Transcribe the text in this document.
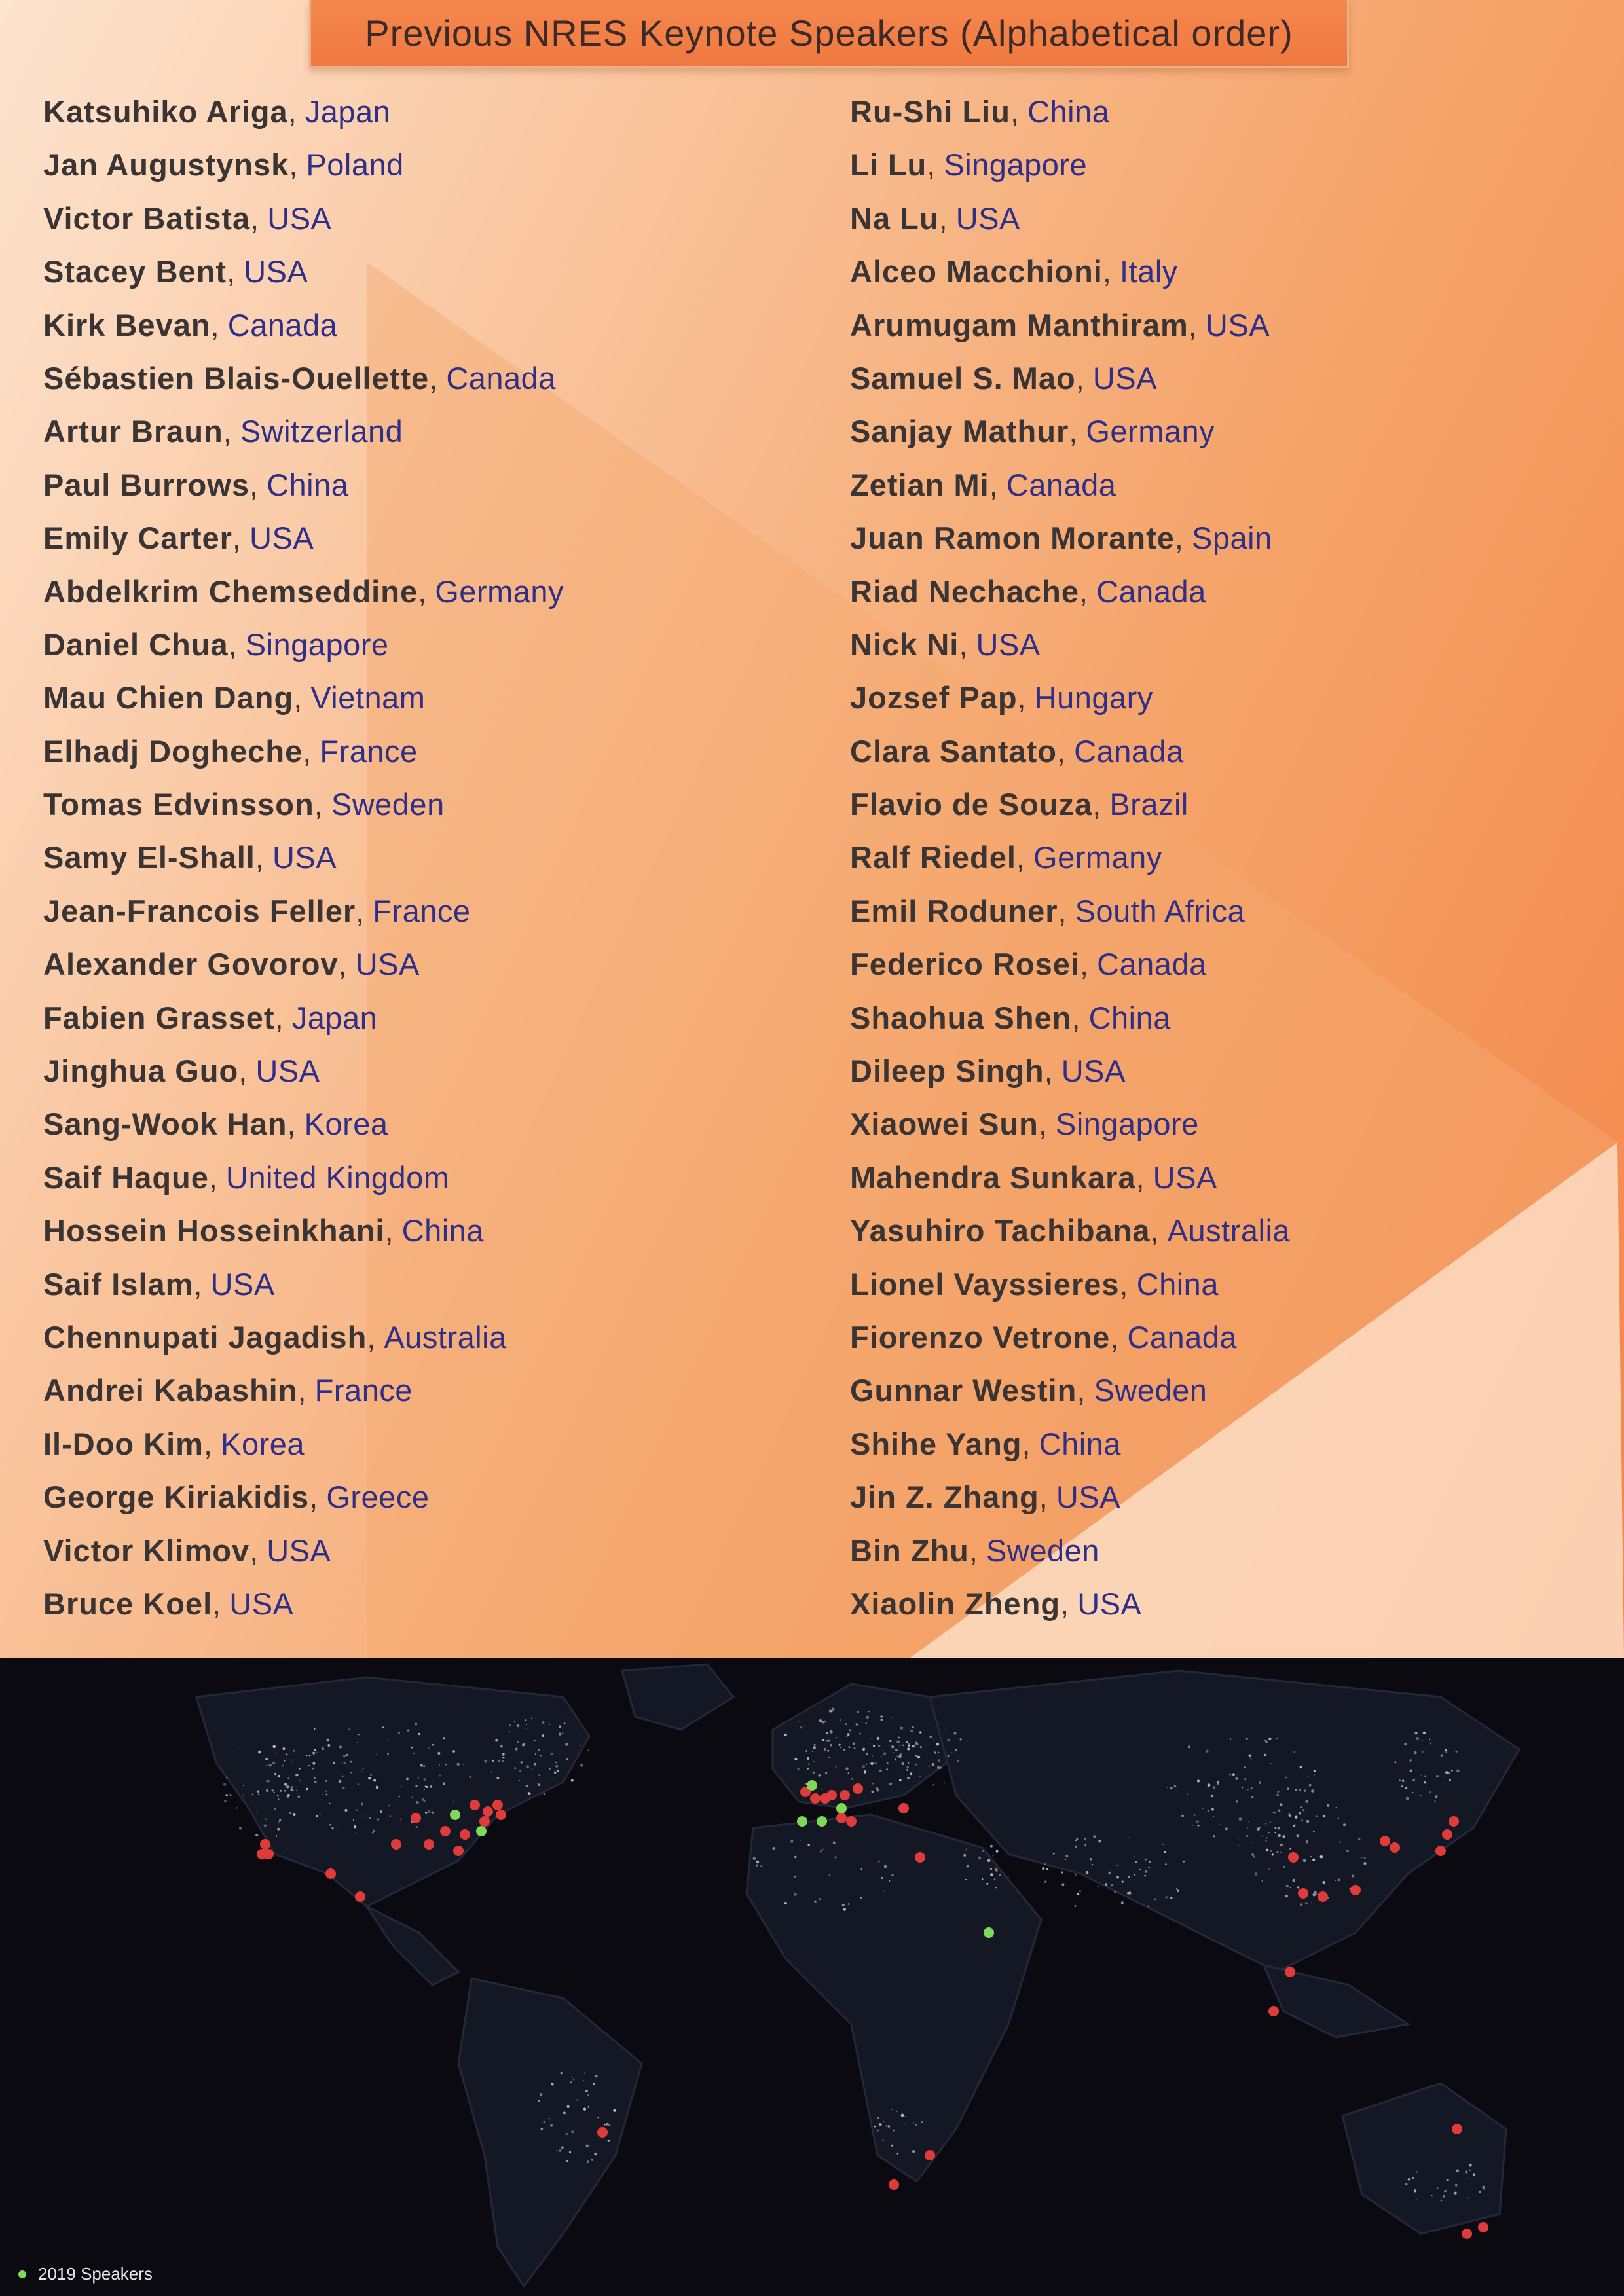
Previous NRES Keynote Speakers (Alphabetical order)
Katsuhiko Ariga, Japan
Jan Augustynsk, Poland
Victor Batista, USA
Stacey Bent, USA
Kirk Bevan, Canada
Sébastien Blais-Ouellette, Canada
Artur Braun, Switzerland
Paul Burrows, China
Emily Carter, USA
Abdelkrim Chemseddine, Germany
Daniel Chua, Singapore
Mau Chien Dang, Vietnam
Elhadj Dogheche, France
Tomas Edvinsson, Sweden
Samy El-Shall, USA
Jean-Francois Feller, France
Alexander Govorov, USA
Fabien Grasset, Japan
Jinghua Guo, USA
Sang-Wook Han, Korea
Saif Haque, United Kingdom
Hossein Hosseinkhani, China
Saif Islam, USA
Chennupati Jagadish, Australia
Andrei Kabashin, France
Il-Doo Kim, Korea
George Kiriakidis, Greece
Victor Klimov, USA
Bruce Koel, USA
Ru-Shi Liu, China
Li Lu, Singapore
Na Lu, USA
Alceo Macchioni, Italy
Arumugam Manthiram, USA
Samuel S. Mao, USA
Sanjay Mathur, Germany
Zetian Mi, Canada
Juan Ramon Morante, Spain
Riad Nechache, Canada
Nick Ni, USA
Jozsef Pap, Hungary
Clara Santato, Canada
Flavio de Souza, Brazil
Ralf Riedel, Germany
Emil Roduner, South Africa
Federico Rosei, Canada
Shaohua Shen, China
Dileep Singh, USA
Xiaowei Sun, Singapore
Mahendra Sunkara, USA
Yasuhiro Tachibana, Australia
Lionel Vayssieres, China
Fiorenzo Vetrone, Canada
Gunnar Westin, Sweden
Shihe Yang, China
Jin Z. Zhang, USA
Bin Zhu, Sweden
Xiaolin Zheng, USA
2019 Speakers
